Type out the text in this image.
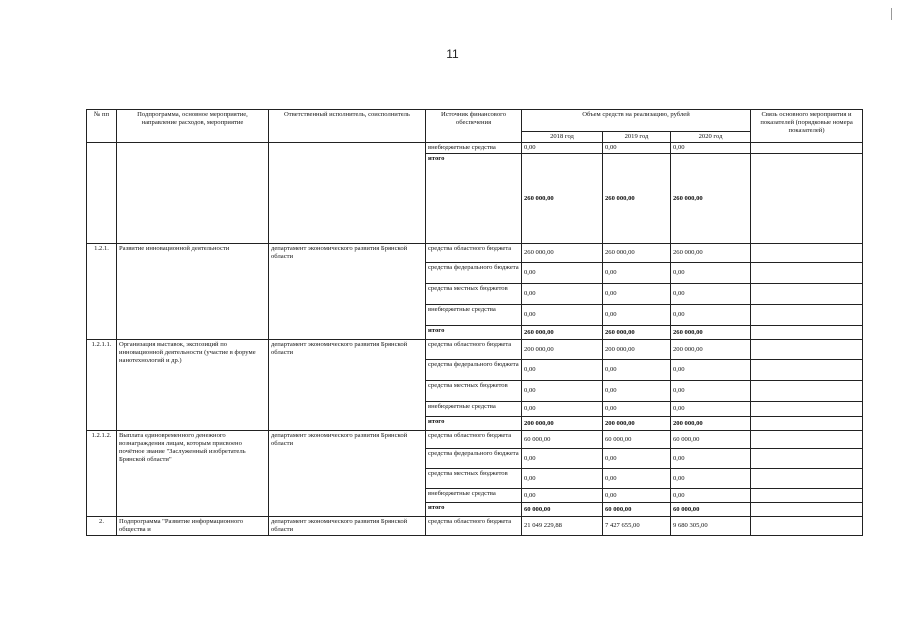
11
№ пп	Подпрограмма, основное мероприятие, направление расходов, мероприятие	Ответственный исполнитель, соисполнитель	Источник финансового обеспечения	Объем средств на реализацию, рублей			Связь основного мероприятия и показателей (порядковые номера показателей)
				2018 год	2019 год	2020 год	
			внебюджетные средства	0,00	0,00	0,00	
			итого	260 000,00	260 000,00	260 000,00	
1.2.1.	Развитие инновационной деятельности	департамент экономического развития Брянской области	средства областного бюджета	260 000,00	260 000,00	260 000,00	
			средства федерального бюджета	0,00	0,00	0,00	
			средства местных бюджетов	0,00	0,00	0,00	
			внебюджетные средства	0,00	0,00	0,00	
			итого	260 000,00	260 000,00	260 000,00	
1.2.1.1.	Организация выставок, экспозиций по инновационной деятельности (участие в форуме нанотехнологий и др.)	департамент экономического развития Брянской области	средства областного бюджета	200 000,00	200 000,00	200 000,00	
			средства федерального бюджета	0,00	0,00	0,00	
			средства местных бюджетов	0,00	0,00	0,00	
			внебюджетные средства	0,00	0,00	0,00	
			итого	200 000,00	200 000,00	200 000,00	
1.2.1.2.	Выплата единовременного денежного вознаграждения лицам, которым присвоено почётное звание "Заслуженный изобретатель Брянской области"	департамент экономического развития Брянской области	средства областного бюджета	60 000,00	60 000,00	60 000,00	
			средства федерального бюджета	0,00	0,00	0,00	
			средства местных бюджетов	0,00	0,00	0,00	
			внебюджетные средства	0,00	0,00	0,00	
			итого	60 000,00	60 000,00	60 000,00	
2.	Подпрограмма "Развитие информационного общества и	департамент экономического развития Брянской области	средства областного бюджета	21 049 229,88	7 427 655,00	9 680 305,00	
